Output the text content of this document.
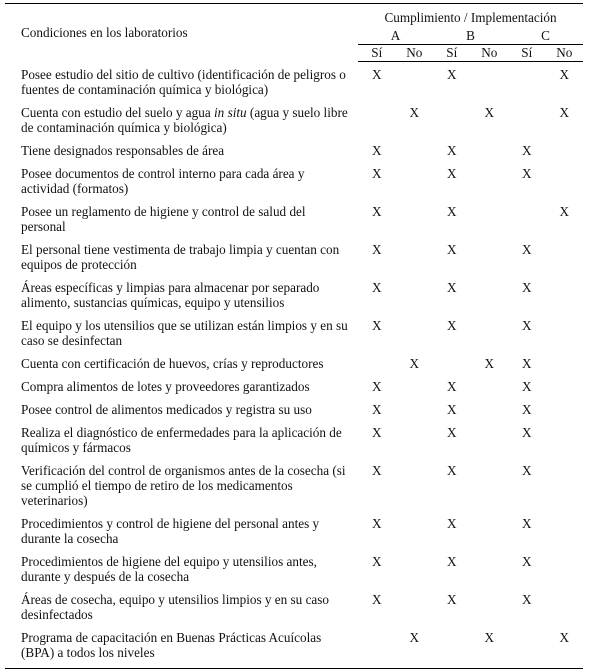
Condiciones en los laboratorios	Cumplimiento / Implementación					
	A		B		C	
	Sí	No	Sí	No	Sí	No
Posee estudio del sitio de cultivo (identificación de peligros o fuentes de contaminación química y biológica)	X		X			X
Cuenta con estudio del suelo y agua in situ (agua y suelo libre de contaminación química y biológica)		X		X		X
Tiene designados responsables de área	X		X		X	
Posee documentos de control interno para cada área y actividad (formatos)	X		X		X	
Posee un reglamento de higiene y control de salud del personal	X		X			X
El personal tiene vestimenta de trabajo limpia y cuentan con equipos de protección	X		X		X	
Áreas específicas y limpias para almacenar por separado alimento, sustancias químicas, equipo y utensilios	X		X		X	
El equipo y los utensilios que se utilizan están limpios y en su caso se desinfectan	X		X		X	
Cuenta con certificación de huevos, crías y reproductores		X		X	X	
Compra alimentos de lotes y proveedores garantizados	X		X		X	
Posee control de alimentos medicados y registra su uso	X		X		X	
Realiza el diagnóstico de enfermedades para la aplicación de químicos y fármacos	X		X		X	
Verificación del control de organismos antes de la cosecha (si se cumplió el tiempo de retiro de los medicamentos veterinarios)	X		X		X	
Procedimientos y control de higiene del personal antes y durante la cosecha	X		X		X	
Procedimientos de higiene del equipo y utensilios antes, durante y después de la cosecha	X		X		X	
Áreas de cosecha, equipo y utensilios limpios y en su caso desinfectados	X		X		X	
Programa de capacitación en Buenas Prácticas Acuícolas (BPA) a todos los niveles		X		X		X
